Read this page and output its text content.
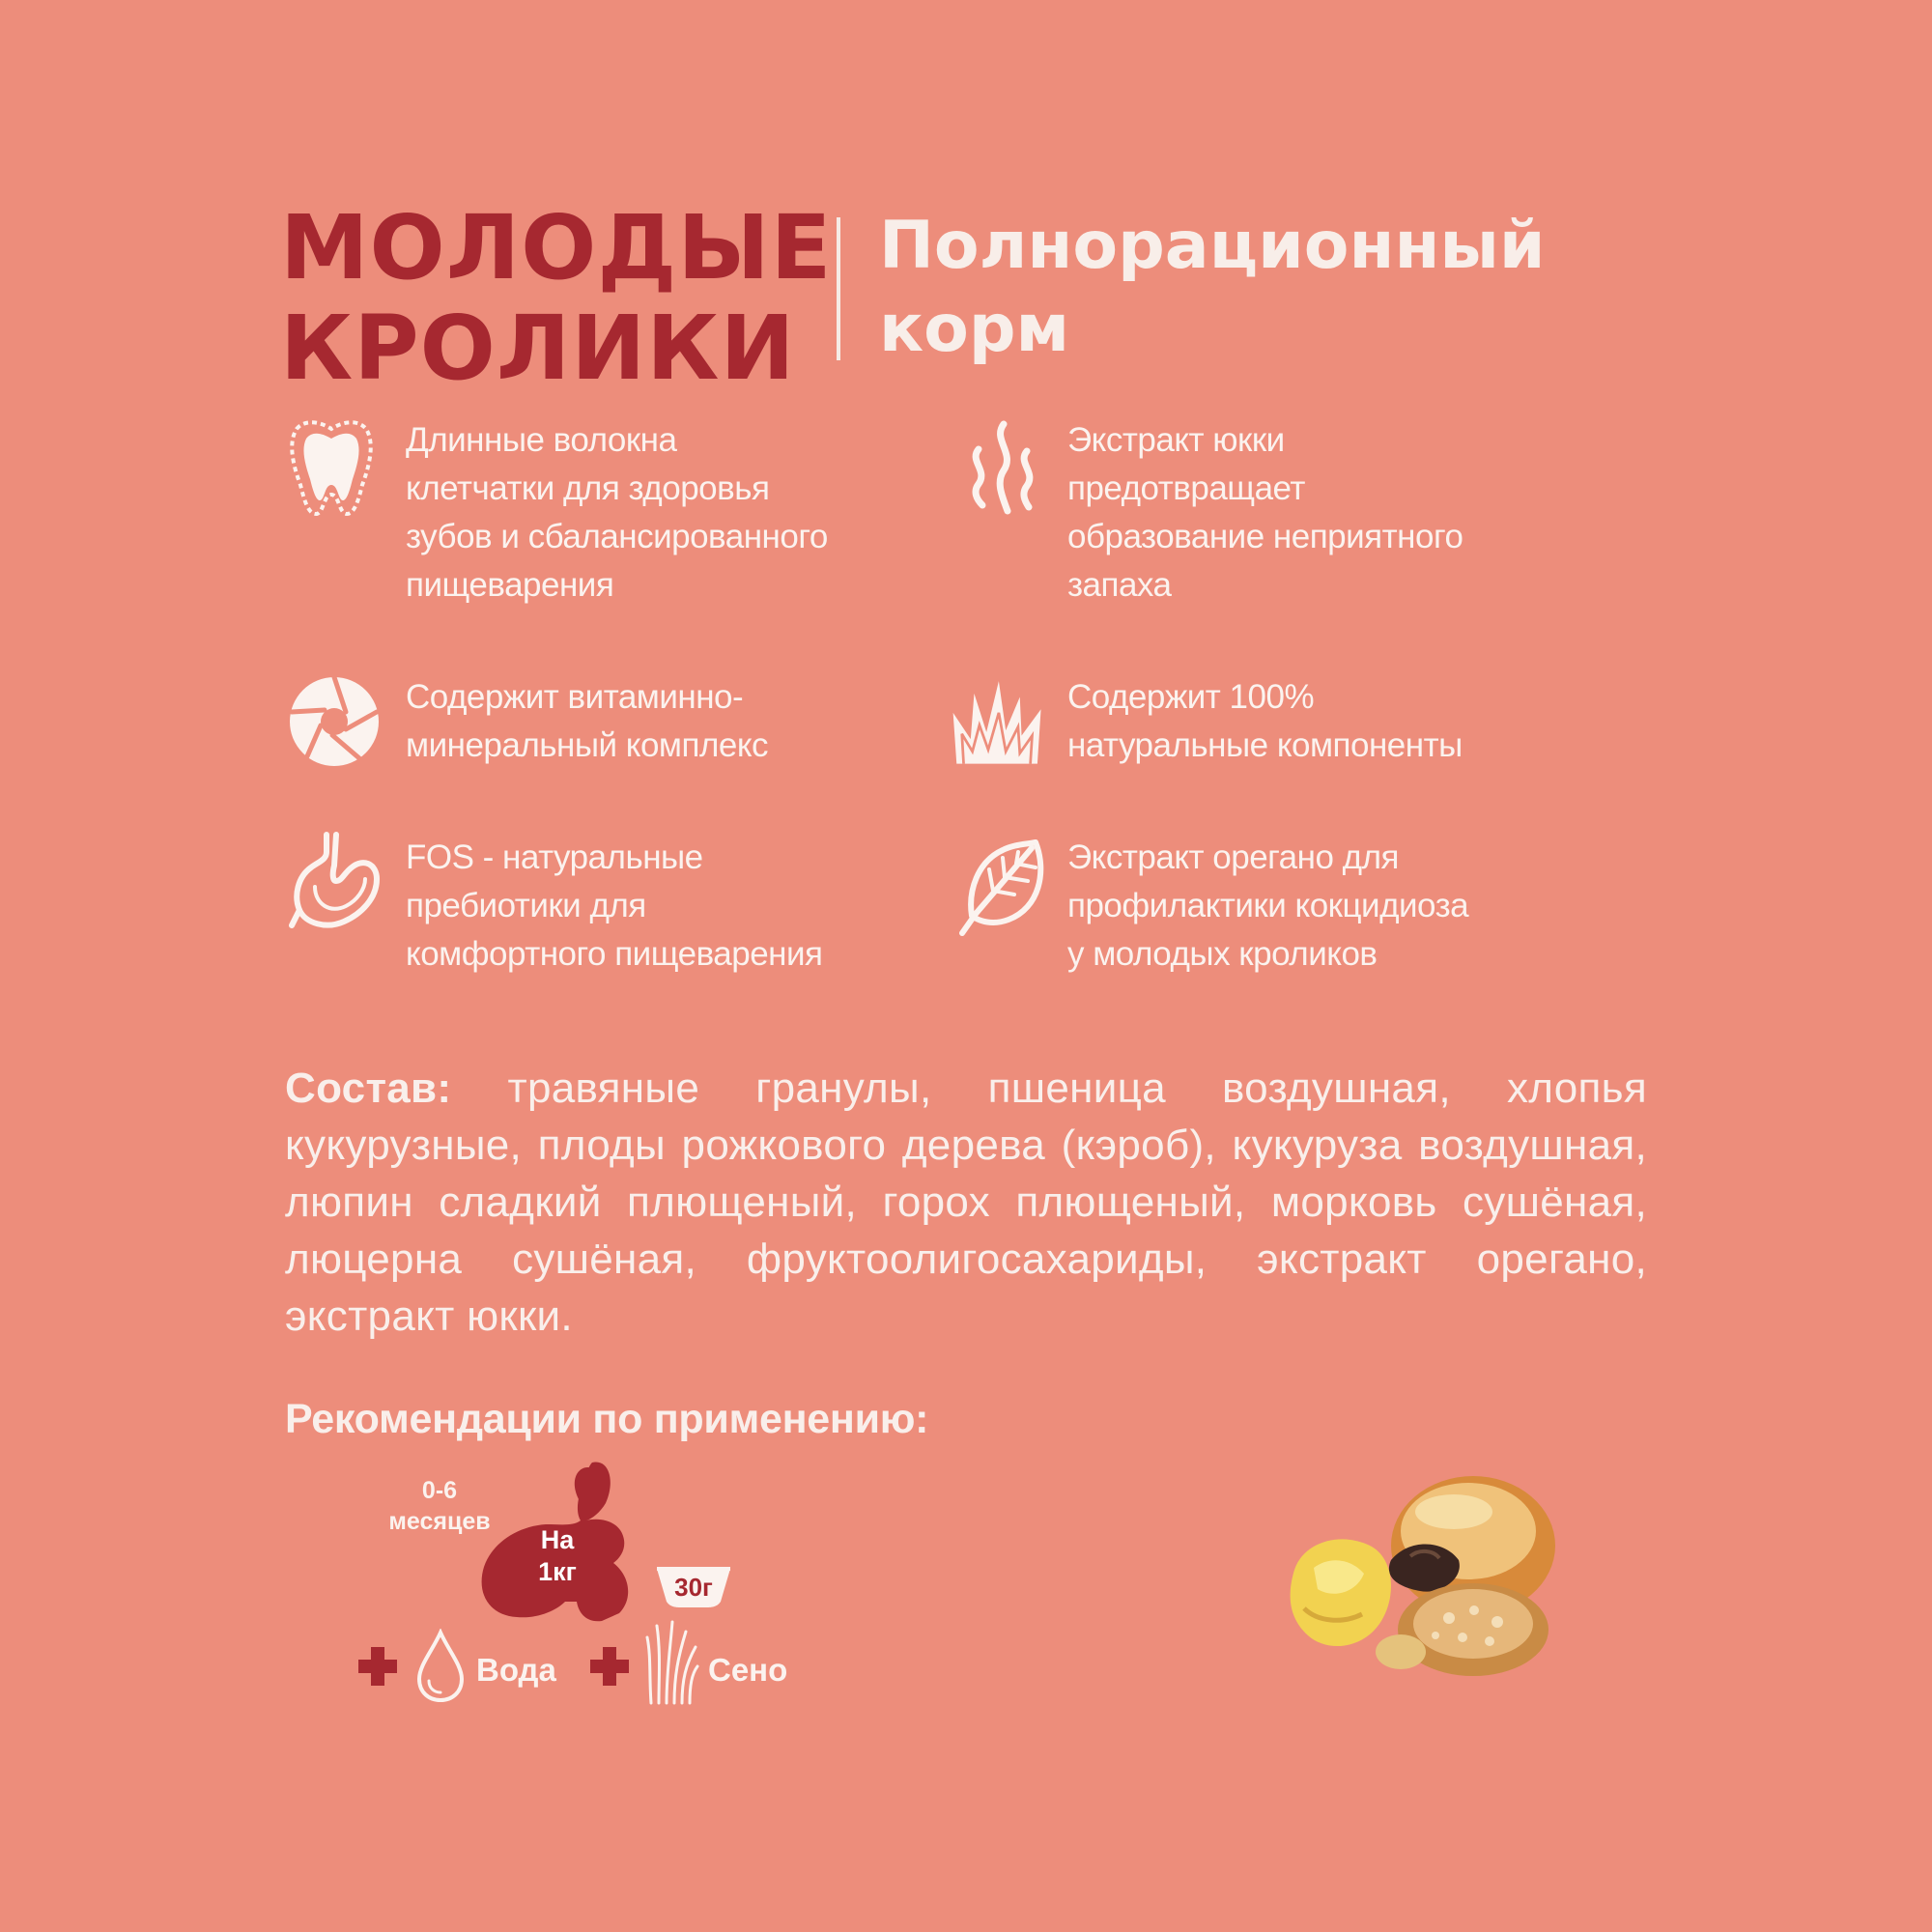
МОЛОДЫЕ
КРОЛИКИ
Полнорационный
корм
Длинные волокна
клетчатки для здоровья
зубов и сбалансированного
пищеварения
Экстракт юкки
предотвращает
образование неприятного
запаха
Содержит витаминно-
минеральный комплекс
Содержит 100%
натуральные компоненты
FOS - натуральные
пребиотики для
комфортного пищеварения
Экстракт орегано для
профилактики кокцидиоза
у молодых кроликов
Состав: травяные гранулы, пшеница воздушная, хлопья кукурузные, плоды рожкового дерева (кэроб), кукуруза воздушная, люпин сладкий плющеный, горох плющеный, морковь сушёная, люцерна сушёная, фруктоолигосахариды, экстракт орегано, экстракт юкки.
Рекомендации по применению:
0-6
месяцев
На
1кг
30г
Вода	Сено
